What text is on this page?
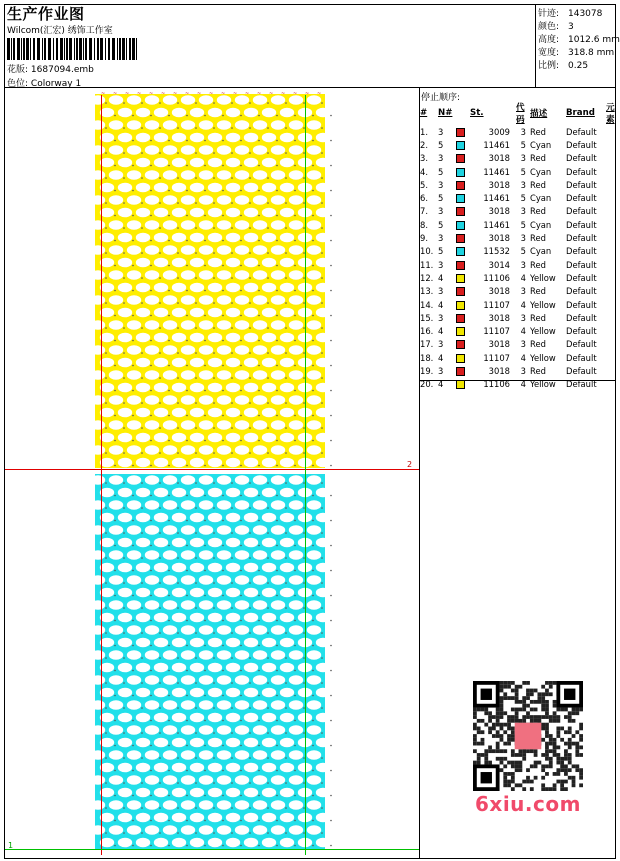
生产作业图
Wilcom(汇宏) 绣饰工作室
花版: 1687094.emb
色位: Colorway 1
针迹: 143078
颜色: 3
高度: 1012.6 mm
宽度: 318.8 mm
比例: 0.25
停止顺序:
#	N#		St.	代码	描述	Brand	元素
1.	3		3009	3	Red	Default	
2.	5		11461	5	Cyan	Default	
3.	3		3018	3	Red	Default	
4.	5		11461	5	Cyan	Default	
5.	3		3018	3	Red	Default	
6.	5		11461	5	Cyan	Default	
7.	3		3018	3	Red	Default	
8.	5		11461	5	Cyan	Default	
9.	3		3018	3	Red	Default	
10.	5		11532	5	Cyan	Default	
11.	3		3014	3	Red	Default	
12.	4		11106	4	Yellow	Default	
13.	3		3018	3	Red	Default	
14.	4		11107	4	Yellow	Default	
15.	3		3018	3	Red	Default	
16.	4		11107	4	Yellow	Default	
17.	3		3018	3	Red	Default	
18.	4		11107	4	Yellow	Default	
19.	3		3018	3	Red	Default	
20.	4		11106	4	Yellow	Default	
~ ~ ~ ~ ~ ~ ~ ~ ~ ~ ~ ~ ~ ~ ~ ~ ~ ~ ~
2
1
6xiu.com
